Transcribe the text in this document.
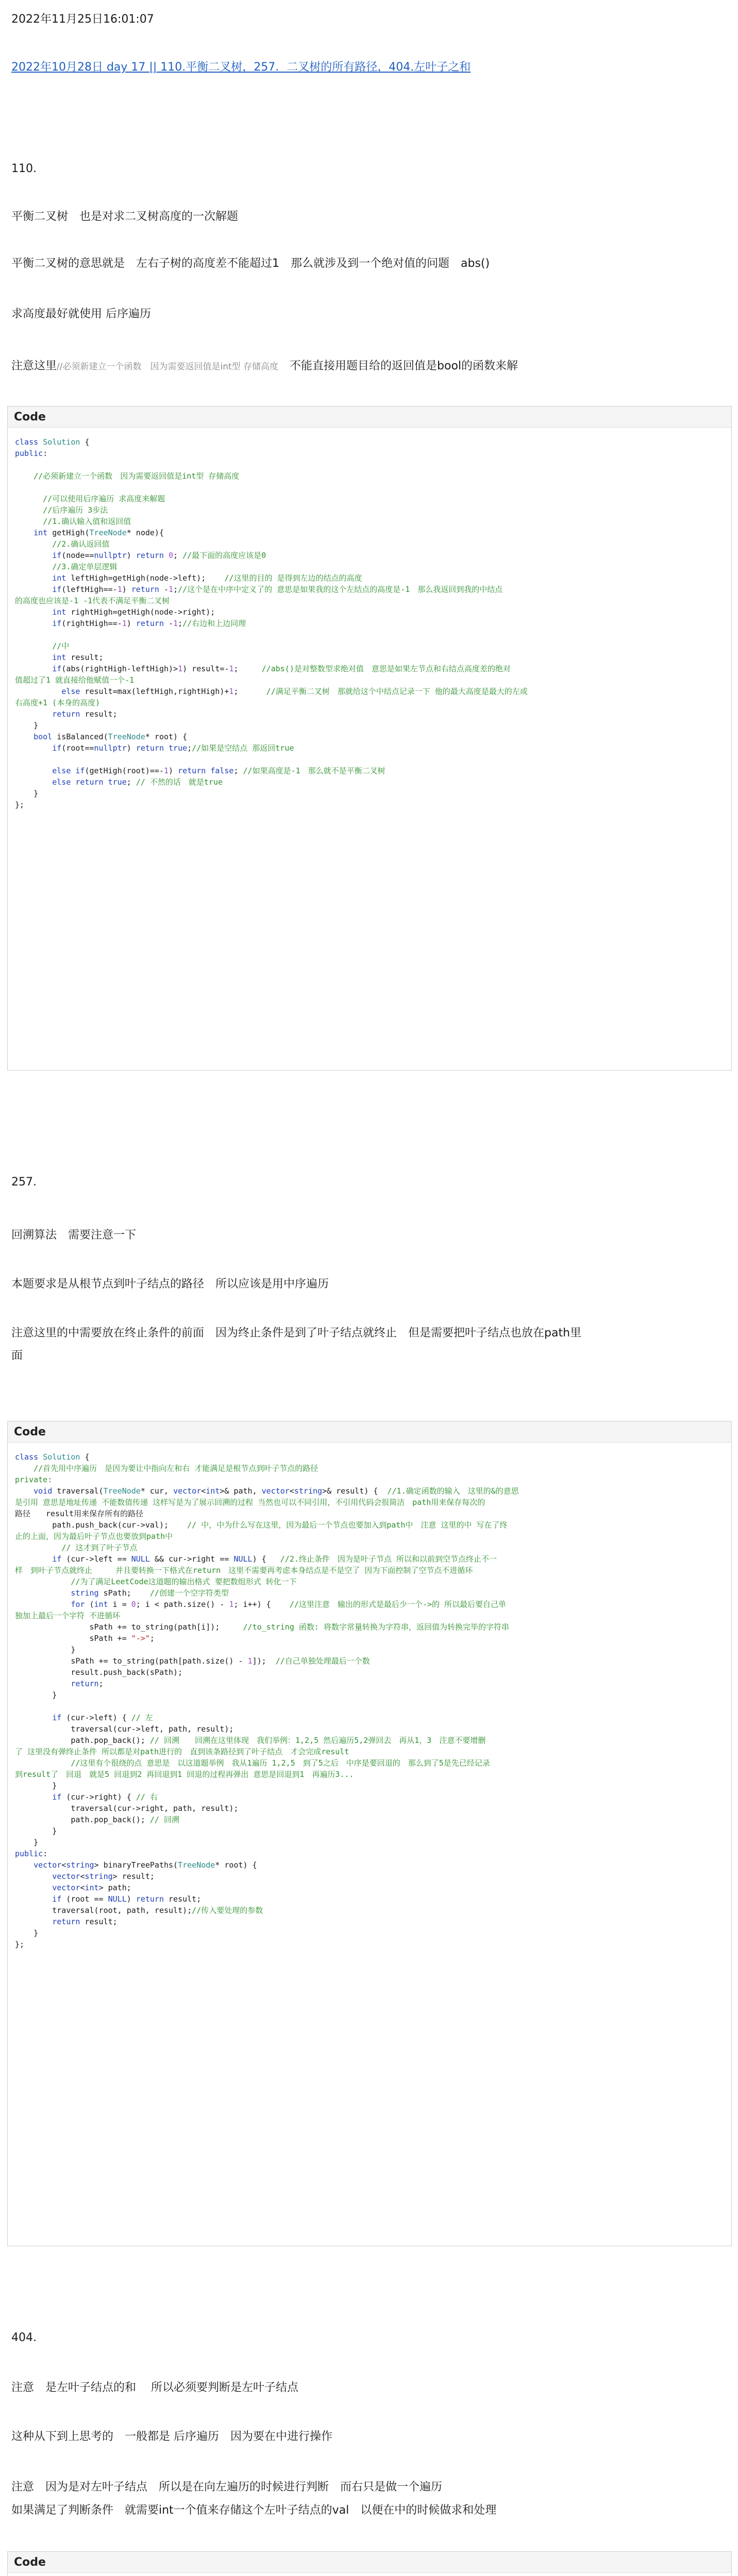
2022年11月25日16:01:07
2022年10月28日 day 17 || 110.平衡二叉树，257．二叉树的所有路径，404.左叶子之和
110.
平衡二叉树　也是对求二叉树高度的一次解题
平衡二叉树的意思就是　左右子树的高度差不能超过1　那么就涉及到一个绝对值的问题　abs()
求高度最好就使用 后序遍历
注意这里//必须新建立一个函数　因为需要返回值是int型 存储高度　不能直接用题目给的返回值是bool的函数来解
Code
class Solution {
public:
//必须新建立一个函数　因为需要返回值是int型 存储高度
//可以使用后序遍历 求高度来解题
//后序遍历 3步法
//1.确认输入值和返回值
int getHigh(TreeNode* node){
//2.确认返回值
if(node==nullptr) return 0; //最下面的高度应该是0
//3.确定单层逻辑
int leftHigh=getHigh(node->left);    //这里的目的 是得到左边的结点的高度
if(leftHigh==-1) return -1;//这个是在中序中定义了的 意思是如果我的这个左结点的高度是-1　那么我返回到我的中结点
的高度也应该是-1 -1代表不满足平衡二叉树
int rightHigh=getHigh(node->right);
if(rightHigh==-1) return -1;//右边和上边同理
//中
int result;
if(abs(rightHigh-leftHigh)>1) result=-1;     //abs()是对整数型求绝对值　意思是如果左节点和右结点高度差的绝对
值超过了1 就直接给他赋值一个-1
else result=max(leftHigh,rightHigh)+1;      //满足平衡二叉树　那就给这个中结点记录一下 他的最大高度是最大的左或
右高度+1 (本身的高度)
return result;
}
bool isBalanced(TreeNode* root) {
if(root==nullptr) return true;//如果是空结点 那返回true
else if(getHigh(root)==-1) return false; //如果高度是-1　那么就不是平衡二叉树
else return true; // 不然的话　就是true
}
};
257.
回溯算法　需要注意一下
本题要求是从根节点到叶子结点的路径　所以应该是用中序遍历
注意这里的中需要放在终止条件的前面　因为终止条件是到了叶子结点就终止　但是需要把叶子结点也放在path里
面
Code
class Solution {
//首先用中序遍历　是因为要让中指向左和右 才能满足是根节点到叶子节点的路径
private:
void traversal(TreeNode* cur, vector<int>& path, vector<string>& result) {  //1.确定函数的输入　这里的&的意思
是引用 意思是地址传递 不能数值传递 这样写是为了展示回溯的过程 当然也可以不同引用，不引用代码会很简洁　path用来保存每次的
路径　　result用来保存所有的路径
path.push_back(cur->val);    // 中，中为什么写在这里，因为最后一个节点也要加入到path中　注意 这里的中 写在了终
止的上面，因为最后叶子节点也要放到path中
// 这才到了叶子节点
if (cur->left == NULL && cur->right == NULL) {   //2.终止条件　因为是叶子节点 所以和以前到空节点终止不一
样　到叶子节点就终止　　　并且要转换一下格式在return　这里不需要再考虑本身结点是不是空了 因为下面控制了空节点不进循环
//为了满足LeetCode这道题的输出格式 要把数组形式 转化一下
string sPath;    //创建一个空字符类型
for (int i = 0; i < path.size() - 1; i++) {    //这里注意　输出的形式是最后少一个->的 所以最后要自己单
独加上最后一个字符 不进循环
sPath += to_string(path[i]);     //to_string 函数: 将数字常量转换为字符串，返回值为转换完毕的字符串
sPath += "->";
}
sPath += to_string(path[path.size() - 1]);  //自己单独处理最后一个数
result.push_back(sPath);
return;
}
if (cur->left) { // 左
traversal(cur->left, path, result);
path.pop_back(); // 回溯　　回溯在这里体现　我们举例：1,2,5 然后遍历5,2弹回去　再从1，3　注意不要增删
了 这里没有弹终止条件 所以都是对path进行的　直到该条路径到了叶子结点　才会完成result
//这里有个很绕的点 意思是　以这道题举例　我从1遍历 1,2,5　到了5之后　中序是要回退的　那么到了5是先已经记录
到result了　回退　就是5 回退到2 再回退到1 回退的过程再弹出 意思是回退到1　再遍历3...
}
if (cur->right) { // 右
traversal(cur->right, path, result);
path.pop_back(); // 回溯
}
}
public:
vector<string> binaryTreePaths(TreeNode* root) {
vector<string> result;
vector<int> path;
if (root == NULL) return result;
traversal(root, path, result);//传入要处理的参数
return result;
}
};
404.
注意　是左叶子结点的和　 所以必须要判断是左叶子结点
这种从下到上思考的　一般都是 后序遍历　因为要在中进行操作
注意　因为是对左叶子结点　所以是在向左遍历的时候进行判断　而右只是做一个遍历
如果满足了判断条件　就需要int一个值来存储这个左叶子结点的val　以便在中的时候做求和处理
Code
